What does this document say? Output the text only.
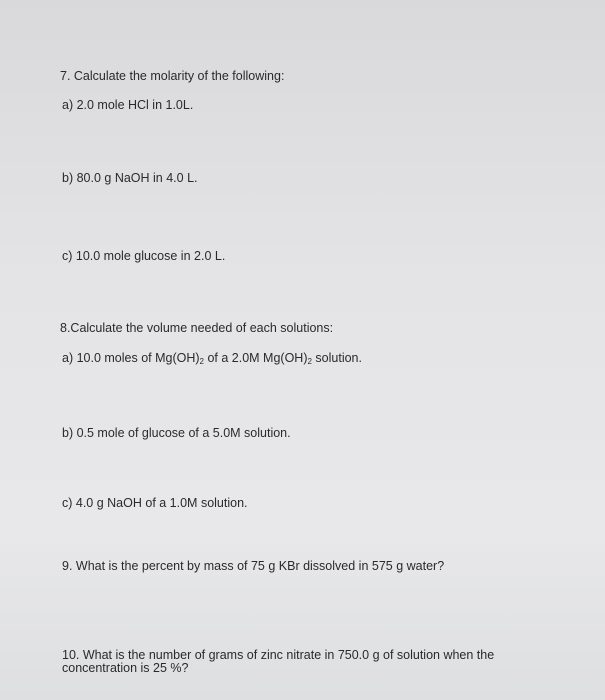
7. Calculate the molarity of the following:

a) 2.0 mole HCl in 1.0L.

b) 80.0 g NaOH in 4.0 L.

c) 10.0 mole glucose in 2.0 L.

8.Calculate the volume needed of each solutions:

a) 10.0 moles of $Mg(OH)_2$ of a 2.0M $Mg(OH)_2$ solution.

b) 0.5 mole of glucose of a 5.0M solution.

c) 4.0 g NaOH of a 1.0M solution.

9. What is the percent by mass of 75 g KBr dissolved in 575 g water?

10. What is the number of grams of zinc nitrate in 750.0 g of solution when the

concentration is 25 %?
